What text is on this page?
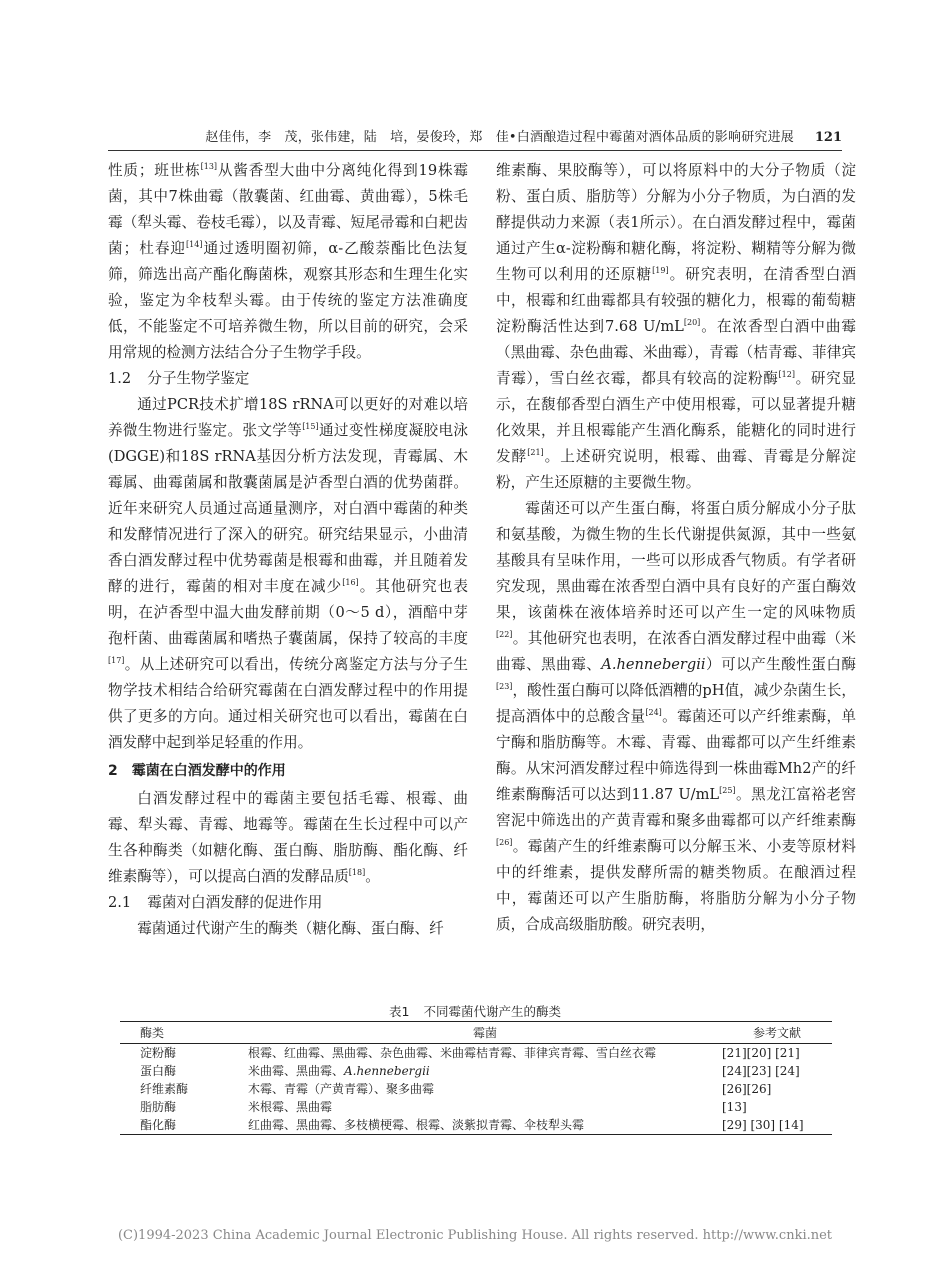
赵佳伟，李　茂，张伟建，陆　培，晏俊玲，郑　佳•白酒酿造过程中霉菌对酒体品质的影响研究进展 121

性质；班世栋[13]从酱香型大曲中分离纯化得到19株霉菌，其中7株曲霉（散囊菌、红曲霉、黄曲霉），5株毛霉（犁头霉、卷枝毛霉），以及青霉、短尾帚霉和白耙齿菌；杜春迎[14]通过透明圈初筛，α-乙酸萘酯比色法复筛，筛选出高产酯化酶菌株，观察其形态和生理生化实验，鉴定为伞枝犁头霉。由于传统的鉴定方法准确度低，不能鉴定不可培养微生物，所以目前的研究，会采用常规的检测方法结合分子生物学手段。

1.2 分子生物学鉴定

通过PCR技术扩增18S rRNA可以更好的对难以培养微生物进行鉴定。张文学等[15]通过变性梯度凝胶电泳(DGGE)和18S rRNA基因分析方法发现，青霉属、木霉属、曲霉菌属和散囊菌属是泸香型白酒的优势菌群。近年来研究人员通过高通量测序，对白酒中霉菌的种类和发酵情况进行了深入的研究。研究结果显示，小曲清香白酒发酵过程中优势霉菌是根霉和曲霉，并且随着发酵的进行，霉菌的相对丰度在减少[16]。其他研究也表明，在泸香型中温大曲发酵前期（0～5 d），酒醅中芽孢杆菌、曲霉菌属和嗜热子囊菌属，保持了较高的丰度[17]。从上述研究可以看出，传统分离鉴定方法与分子生物学技术相结合给研究霉菌在白酒发酵过程中的作用提供了更多的方向。通过相关研究也可以看出，霉菌在白酒发酵中起到举足轻重的作用。

2 霉菌在白酒发酵中的作用

白酒发酵过程中的霉菌主要包括毛霉、根霉、曲霉、犁头霉、青霉、地霉等。霉菌在生长过程中可以产生各种酶类（如糖化酶、蛋白酶、脂肪酶、酯化酶、纤维素酶等），可以提高白酒的发酵品质[18]。

2.1 霉菌对白酒发酵的促进作用

霉菌通过代谢产生的酶类（糖化酶、蛋白酶、纤

维素酶、果胶酶等），可以将原料中的大分子物质（淀粉、蛋白质、脂肪等）分解为小分子物质，为白酒的发酵提供动力来源（表1所示）。在白酒发酵过程中，霉菌通过产生α-淀粉酶和糖化酶，将淀粉、糊精等分解为微生物可以利用的还原糖[19]。研究表明，在清香型白酒中，根霉和红曲霉都具有较强的糖化力，根霉的葡萄糖淀粉酶活性达到7.68 U/mL[20]。在浓香型白酒中曲霉（黑曲霉、杂色曲霉、米曲霉），青霉（桔青霉、菲律宾青霉），雪白丝衣霉，都具有较高的淀粉酶[12]。研究显示，在馥郁香型白酒生产中使用根霉，可以显著提升糖化效果，并且根霉能产生酒化酶系，能糖化的同时进行发酵[21]。上述研究说明，根霉、曲霉、青霉是分解淀粉，产生还原糖的主要微生物。

霉菌还可以产生蛋白酶，将蛋白质分解成小分子肽和氨基酸，为微生物的生长代谢提供氮源，其中一些氨基酸具有呈味作用，一些可以形成香气物质。有学者研究发现，黑曲霉在浓香型白酒中具有良好的产蛋白酶效果，该菌株在液体培养时还可以产生一定的风味物质[22]。其他研究也表明，在浓香白酒发酵过程中曲霉（米曲霉、黑曲霉、A.hennebergii）可以产生酸性蛋白酶[23]，酸性蛋白酶可以降低酒糟的pH值，减少杂菌生长，提高酒体中的总酸含量[24]。霉菌还可以产纤维素酶，单宁酶和脂肪酶等。木霉、青霉、曲霉都可以产生纤维素酶。从宋河酒发酵过程中筛选得到一株曲霉Mh2产的纤维素酶酶活可以达到11.87 U/mL[25]。黑龙江富裕老窖窖泥中筛选出的产黄青霉和聚多曲霉都可以产纤维素酶[26]。霉菌产生的纤维素酶可以分解玉米、小麦等原材料中的纤维素，提供发酵所需的糖类物质。在酿酒过程中，霉菌还可以产生脂肪酶，将脂肪分解为小分子物质，合成高级脂肪酸。研究表明，

表1 不同霉菌代谢产生的酶类
酶类	霉菌	参考文献
淀粉酶	根霉、红曲霉、黑曲霉、杂色曲霉、米曲霉桔青霉、菲律宾青霉、雪白丝衣霉	[21][20] [21]
蛋白酶	米曲霉、黑曲霉、A.hennebergii	[24][23] [24]
纤维素酶	木霉、青霉（产黄青霉）、聚多曲霉	[26][26]
脂肪酶	米根霉、黑曲霉	[13]
酯化酶	红曲霉、黑曲霉、多枝横梗霉、根霉、淡紫拟青霉、伞枝犁头霉	[29] [30] [14]
(C)1994-2023 China Academic Journal Electronic Publishing House. All rights reserved. http://www.cnki.net
